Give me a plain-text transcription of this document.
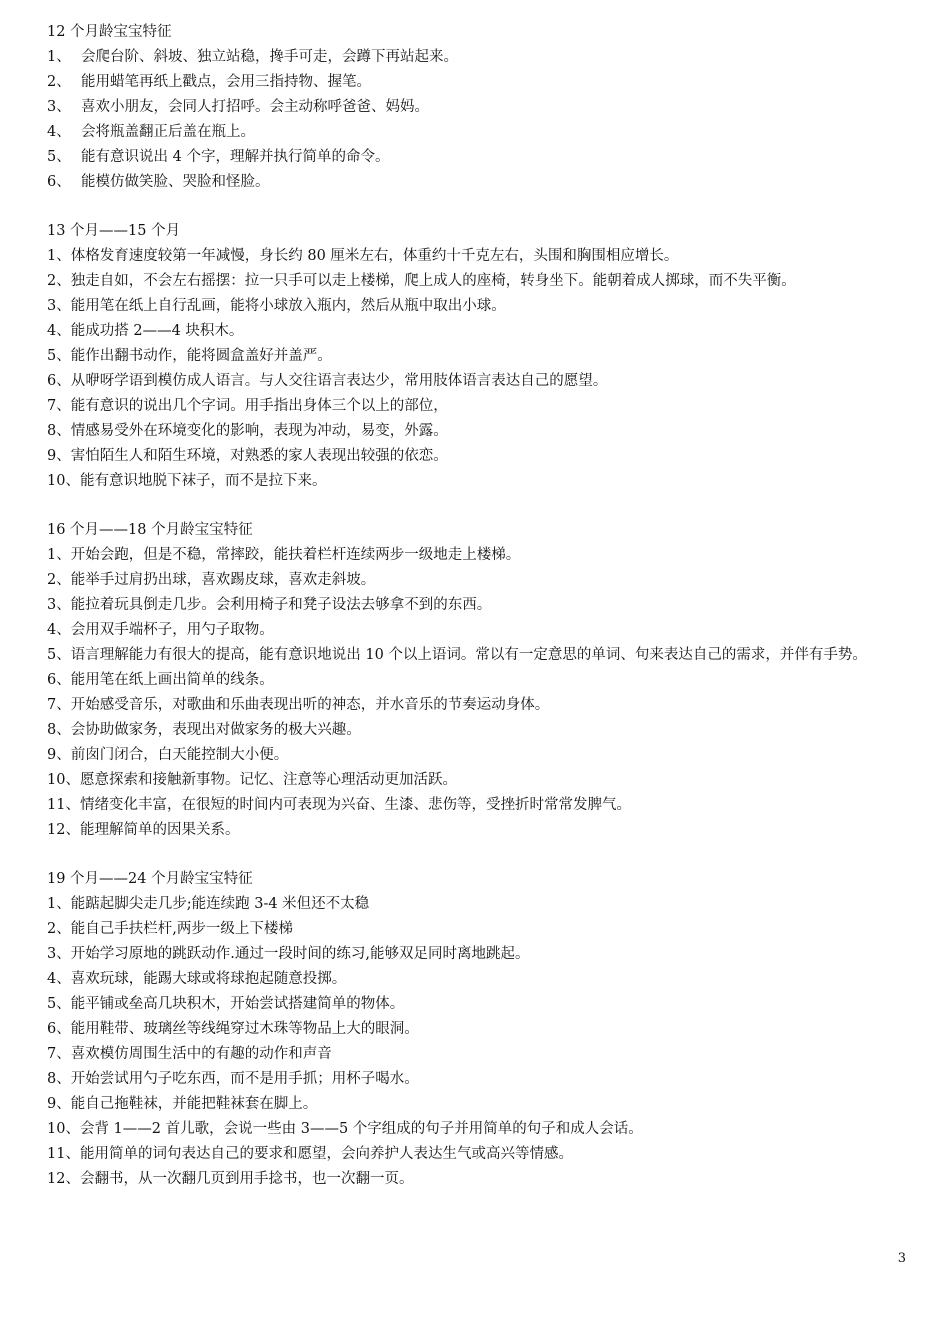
12 个月龄宝宝特征
1、 会爬台阶、斜坡、独立站稳，搀手可走，会蹲下再站起来。
2、 能用蜡笔再纸上戳点，会用三指持物、握笔。
3、 喜欢小朋友，会同人打招呼。会主动称呼爸爸、妈妈。
4、 会将瓶盖翻正后盖在瓶上。
5、 能有意识说出 4 个字，理解并执行简单的命令。
6、 能模仿做笑脸、哭脸和怪脸。
13 个月——15 个月
1、体格发育速度较第一年减慢，身长约 80 厘米左右，体重约十千克左右，头围和胸围相应增长。
2、独走自如，不会左右摇摆：拉一只手可以走上楼梯，爬上成人的座椅，转身坐下。能朝着成人掷球，而不失平衡。
3、能用笔在纸上自行乱画，能将小球放入瓶内，然后从瓶中取出小球。
4、能成功搭 2——4 块积木。
5、能作出翻书动作，能将圆盒盖好并盖严。
6、从咿呀学语到模仿成人语言。与人交往语言表达少，常用肢体语言表达自己的愿望。
7、能有意识的说出几个字词。用手指出身体三个以上的部位，
8、情感易受外在环境变化的影响，表现为冲动，易变，外露。
9、害怕陌生人和陌生环境，对熟悉的家人表现出较强的依恋。
10、能有意识地脱下袜子，而不是拉下来。
16 个月——18 个月龄宝宝特征
1、开始会跑，但是不稳，常摔跤，能扶着栏杆连续两步一级地走上楼梯。
2、能举手过肩扔出球，喜欢踢皮球，喜欢走斜坡。
3、能拉着玩具倒走几步。会利用椅子和凳子设法去够拿不到的东西。
4、会用双手端杯子，用勺子取物。
5、语言理解能力有很大的提高，能有意识地说出 10 个以上语词。常以有一定意思的单词、句来表达自己的需求，并伴有手势。
6、能用笔在纸上画出简单的线条。
7、开始感受音乐，对歌曲和乐曲表现出听的神态，并水音乐的节奏运动身体。
8、会协助做家务，表现出对做家务的极大兴趣。
9、前囱门闭合，白天能控制大小便。
10、愿意探索和接触新事物。记忆、注意等心理活动更加活跃。
11、情绪变化丰富，在很短的时间内可表现为兴奋、生漆、悲伤等，受挫折时常常发脾气。
12、能理解简单的因果关系。
19 个月——24 个月龄宝宝特征
1、能踮起脚尖走几步;能连续跑 3-4 米但还不太稳
2、能自己手扶栏杆,两步一级上下楼梯
3、开始学习原地的跳跃动作.通过一段时间的练习,能够双足同时离地跳起。
4、喜欢玩球，能踢大球或将球抱起随意投掷。
5、能平铺或垒高几块积木，开始尝试搭建简单的物体。
6、能用鞋带、玻璃丝等线绳穿过木珠等物品上大的眼洞。
7、喜欢模仿周围生活中的有趣的动作和声音
8、开始尝试用勺子吃东西，而不是用手抓；用杯子喝水。
9、能自己拖鞋袜，并能把鞋袜套在脚上。
10、会背 1——2 首儿歌，会说一些由 3——5 个字组成的句子并用简单的句子和成人会话。
11、能用简单的词句表达自己的要求和愿望，会向养护人表达生气或高兴等情感。
12、会翻书，从一次翻几页到用手捻书，也一次翻一页。
3
